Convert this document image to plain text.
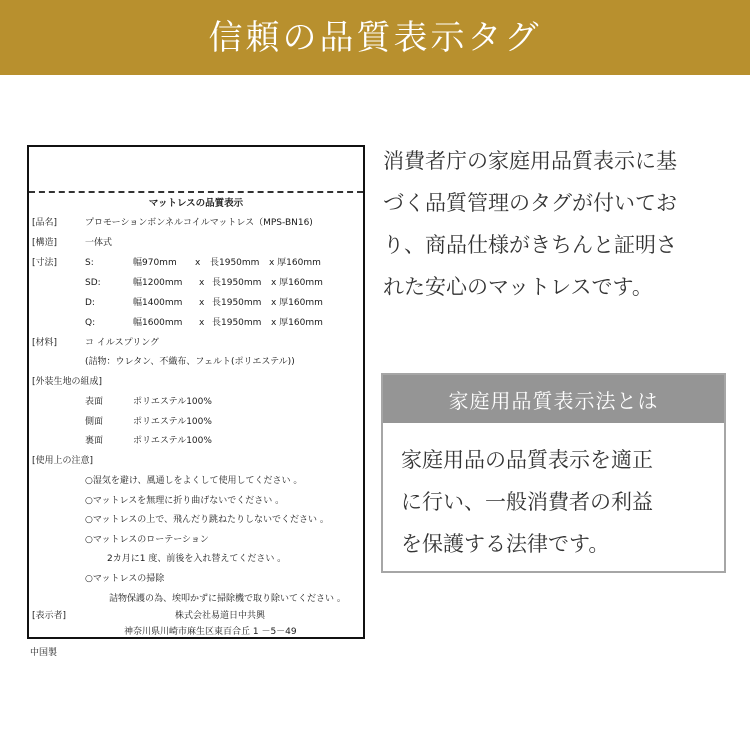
信頼の品質表示タグ
マットレスの品質表示
[品名]	プロモーションボンネルコイルマットレス（MPS-BN16)
[構造]	一体式
[寸法]	S:	幅970mm x 長1950mm x 厚160mm
SD:	幅1200mm x 長1950mm x 厚160mm
D:	幅1400mm x 長1950mm x 厚160mm
Q:	幅1600mm x 長1950mm x 厚160mm
[材料]	コ イルスプリング
(詰物：ウレタン、不織布、フェルト(ポリエステル))
[外装生地の組成]
表面	ポリエステル100%
側面	ポリエステル100%
裏面	ポリエステル100%
[使用上の注意]
○湿気を避け、風通しをよくして使用してください 。
○マットレスを無理に折り曲げないでください 。
○マットレスの上で、飛んだり跳ねたりしないでください 。
○マットレスのローテーション
2カ月に1 度、前後を入れ替えてください 。
○マットレスの掃除
詰物保護の為、埃叩かずに掃除機で取り除いてください 。
[表示者]	株式会社易道日中共興
神奈川県川崎市麻生区東百合丘 1 －5－49
中国製
消費者庁の家庭用品質表示に基
づく品質管理のタグが付いてお
り、商品仕様がきちんと証明さ
れた安心のマットレスです。
家庭用品質表示法とは
家庭用品の品質表示を適正
に行い、一般消費者の利益
を保護する法律です。
